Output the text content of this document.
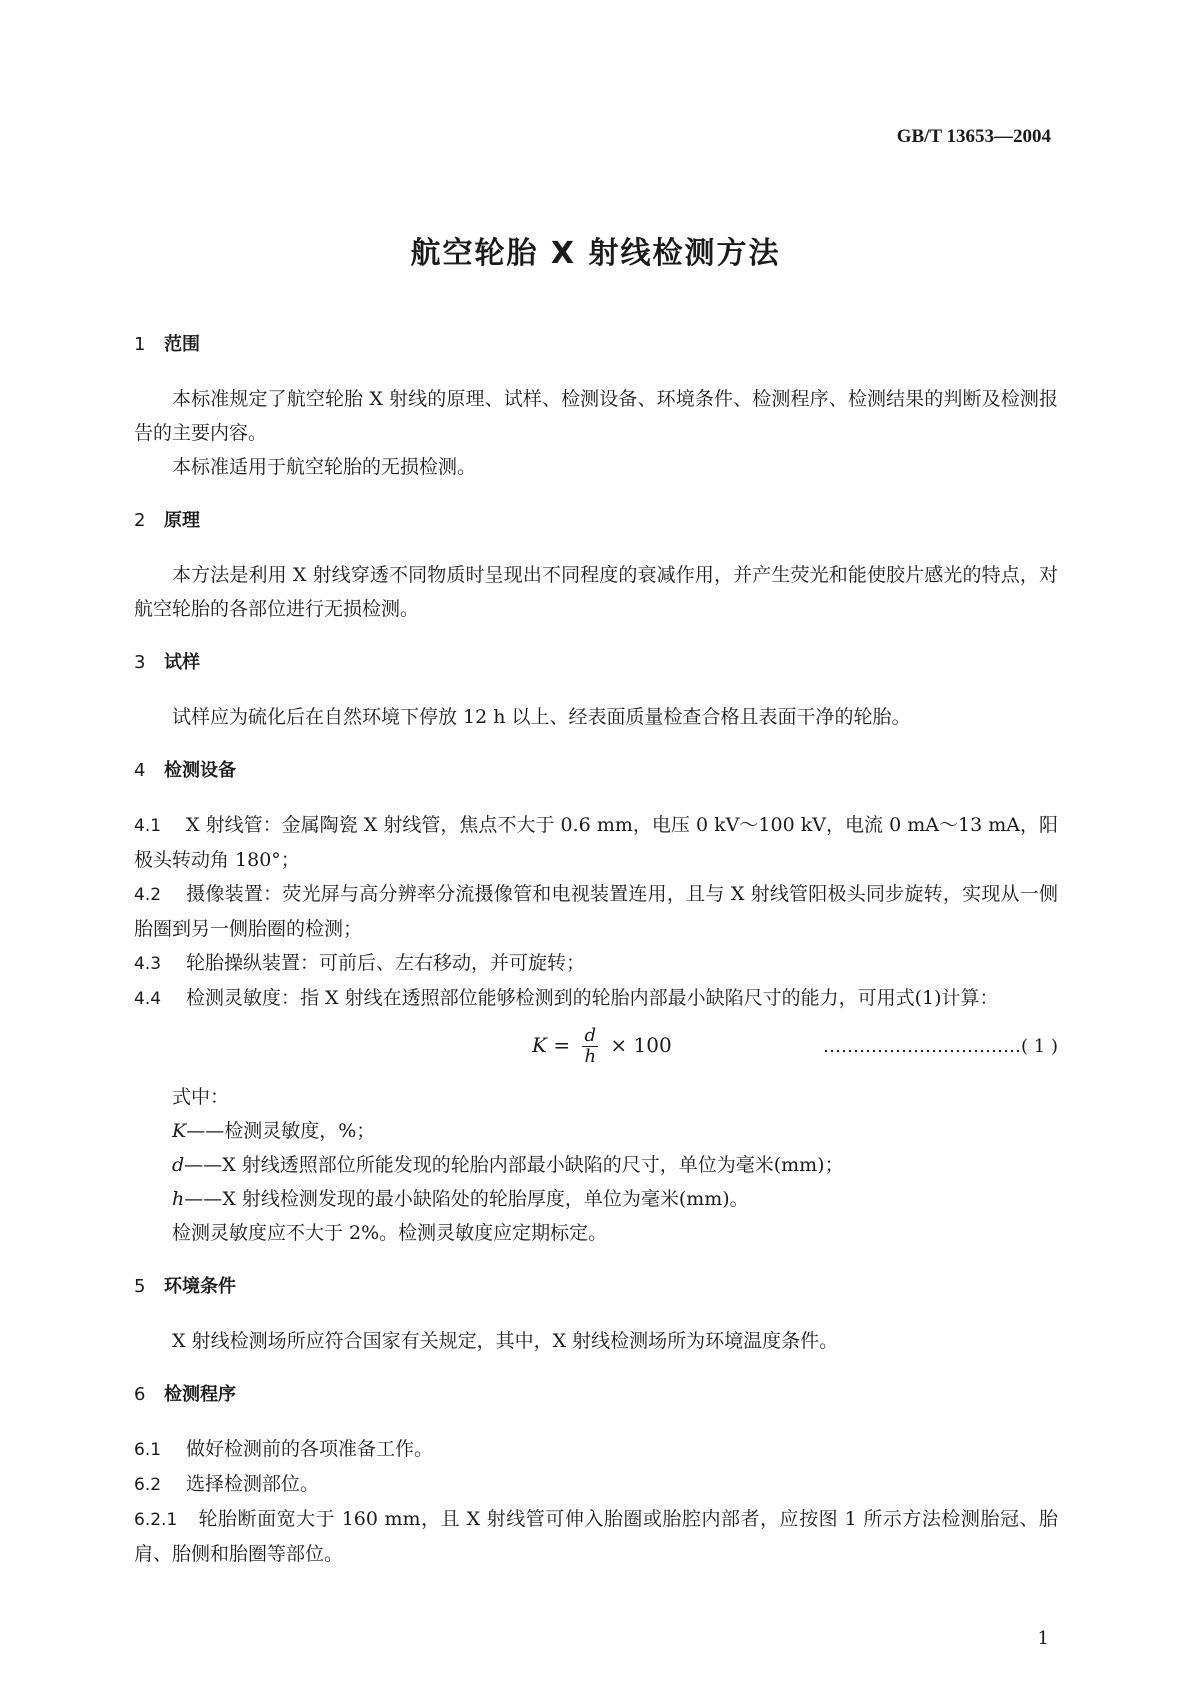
GB/T 13653—2004
航空轮胎 X 射线检测方法
1 范围

本标准规定了航空轮胎 X 射线的原理、试样、检测设备、环境条件、检测程序、检测结果的判断及检测报告的主要内容。

本标准适用于航空轮胎的无损检测。

2 原理

本方法是利用 X 射线穿透不同物质时呈现出不同程度的衰减作用，并产生荧光和能使胶片感光的特点，对航空轮胎的各部位进行无损检测。

3 试样

试样应为硫化后在自然环境下停放 12 h 以上、经表面质量检查合格且表面干净的轮胎。

4 检测设备

4.1 X 射线管：金属陶瓷 X 射线管，焦点不大于 0.6 mm，电压 0 kV～100 kV，电流 0 mA～13 mA，阳极头转动角 180°；

4.2 摄像装置：荧光屏与高分辨率分流摄像管和电视装置连用，且与 X 射线管阳极头同步旋转，实现从一侧胎圈到另一侧胎圈的检测；

4.3 轮胎操纵装置：可前后、左右移动，并可旋转；

4.4 检测灵敏度：指 X 射线在透照部位能够检测到的轮胎内部最小缺陷尺寸的能力，可用式(1)计算：

$K = \frac{d}{h} \times 100$	……………………………( 1 )

式中：

K——检测灵敏度，%；

d——X 射线透照部位所能发现的轮胎内部最小缺陷的尺寸，单位为毫米(mm)；

h——X 射线检测发现的最小缺陷处的轮胎厚度，单位为毫米(mm)。

检测灵敏度应不大于 2%。检测灵敏度应定期标定。

5 环境条件

X 射线检测场所应符合国家有关规定，其中，X 射线检测场所为环境温度条件。

6 检测程序

6.1 做好检测前的各项准备工作。

6.2 选择检测部位。

6.2.1 轮胎断面宽大于 160 mm，且 X 射线管可伸入胎圈或胎腔内部者，应按图 1 所示方法检测胎冠、胎肩、胎侧和胎圈等部位。

1
